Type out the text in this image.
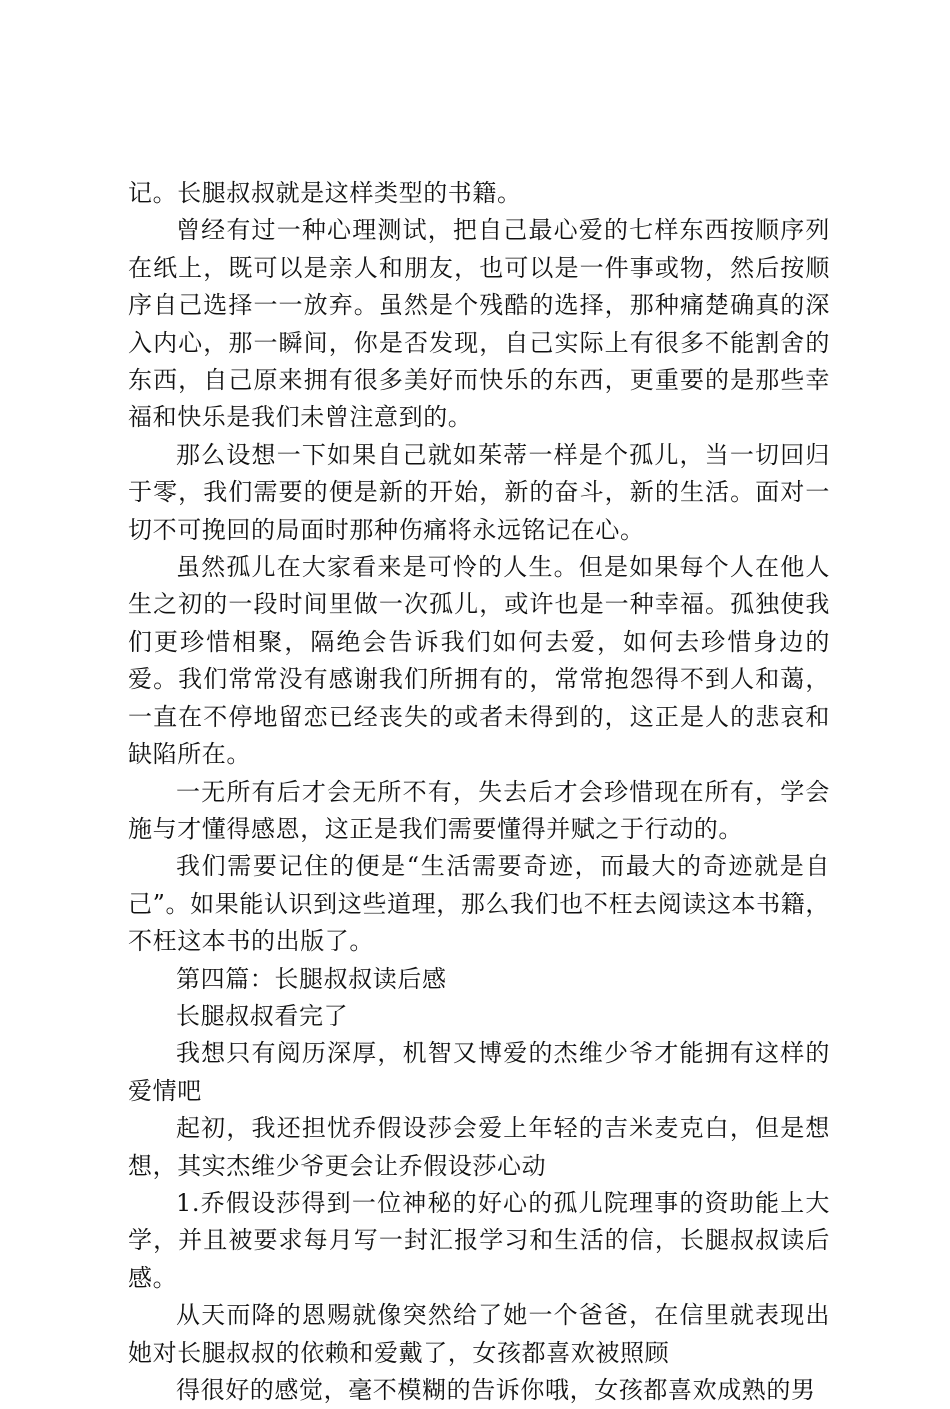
记。长腿叔叔就是这样类型的书籍。

曾经有过一种心理测试，把自己最心爱的七样东西按顺序列在纸上，既可以是亲人和朋友，也可以是一件事或物，然后按顺序自己选择一一放弃。虽然是个残酷的选择，那种痛楚确真的深入内心，那一瞬间，你是否发现，自己实际上有很多不能割舍的东西，自己原来拥有很多美好而快乐的东西，更重要的是那些幸福和快乐是我们未曾注意到的。

那么设想一下如果自己就如茱蒂一样是个孤儿，当一切回归于零，我们需要的便是新的开始，新的奋斗，新的生活。面对一切不可挽回的局面时那种伤痛将永远铭记在心。

虽然孤儿在大家看来是可怜的人生。但是如果每个人在他人生之初的一段时间里做一次孤儿，或许也是一种幸福。孤独使我们更珍惜相聚，隔绝会告诉我们如何去爱，如何去珍惜身边的爱。我们常常没有感谢我们所拥有的，常常抱怨得不到人和蔼，一直在不停地留恋已经丧失的或者未得到的，这正是人的悲哀和缺陷所在。

一无所有后才会无所不有，失去后才会珍惜现在所有，学会施与才懂得感恩，这正是我们需要懂得并赋之于行动的。

我们需要记住的便是“生活需要奇迹，而最大的奇迹就是自己”。如果能认识到这些道理，那么我们也不枉去阅读这本书籍，不枉这本书的出版了。

第四篇：长腿叔叔读后感

长腿叔叔看完了

我想只有阅历深厚，机智又博爱的杰维少爷才能拥有这样的爱情吧

起初，我还担忧乔假设莎会爱上年轻的吉米麦克白，但是想想，其实杰维少爷更会让乔假设莎心动

1.乔假设莎得到一位神秘的好心的孤儿院理事的资助能上大学，并且被要求每月写一封汇报学习和生活的信，长腿叔叔读后感。

从天而降的恩赐就像突然给了她一个爸爸，在信里就表现出她对长腿叔叔的依赖和爱戴了，女孩都喜欢被照顾

得很好的感觉，毫不模糊的告诉你哦，女孩都喜欢成熟的男
